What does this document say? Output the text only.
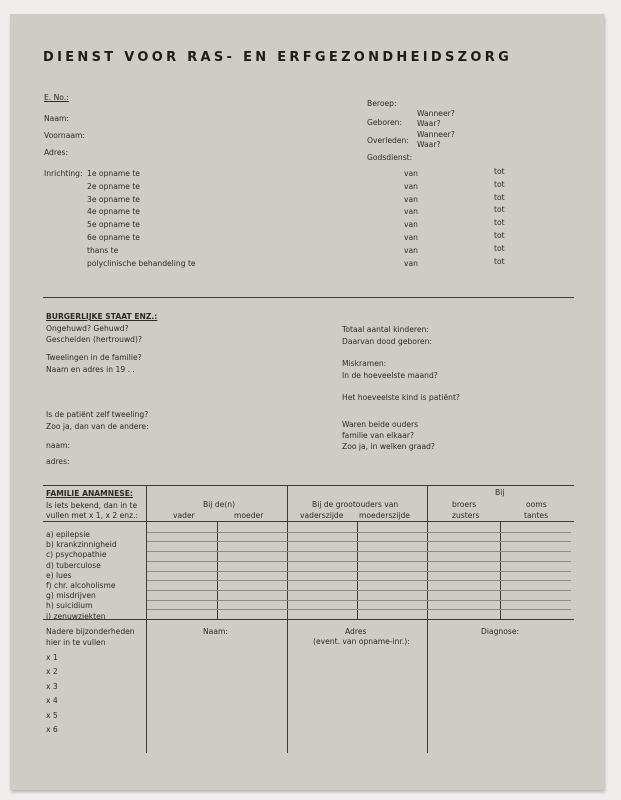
DIENST VOOR RAS- EN ERFGEZONDHEIDSZORG
E. No.:
Naam:
Voornaam:
Adres:
Inrichting: 1e opname te	van	tot
2e opname te	van	tot
3e opname te	van	tot
4e opname te	van	tot
5e opname te	van	tot
6e opname te	van	tot
thans te	van	tot
polyclinische behandeling te	van	tot
Beroep:
Geboren:
Wanneer?
Waar?
Overleden:
Wanneer?
Waar?
Godsdienst:
BURGERLIJKE STAAT ENZ.:
Ongehuwd? Gehuwd?
Gescheiden (hertrouwd)?
Tweelingen in de familie?
Naam en adres in 19 . .
Is de patiënt zelf tweeling?
Zoo ja, dan van de andere:
naam:
adres:
Totaal aantal kinderen:
Daarvan dood geboren:
Miskramen:
In de hoeveelste maand?
Het hoeveelste kind is patiënt?
Waren beide ouders
familie van elkaar?
Zoo ja, in welken graad?
FAMILIE ANAMNESE:
Is iets bekend, dan in te
vullen met x 1, x 2 enz.:
Bij de(n)
vader	moeder
Bij de grootouders van
vaderszijde moederszijde
Bij
broers	ooms
zusters	tantes
a) epilepsie
b) krankzinnigheid
c) psychopathie
d) tuberculose
e) lues
f) chr. alcoholisme
g) misdrijven
h) suicidium
i) zenuwziekten
Nadere bijzonderheden
hier in te vullen
x 1
x 2
x 3
x 4
x 5
x 6
Naam:	Adres
(event. van opname-inr.):
Diagnose:
